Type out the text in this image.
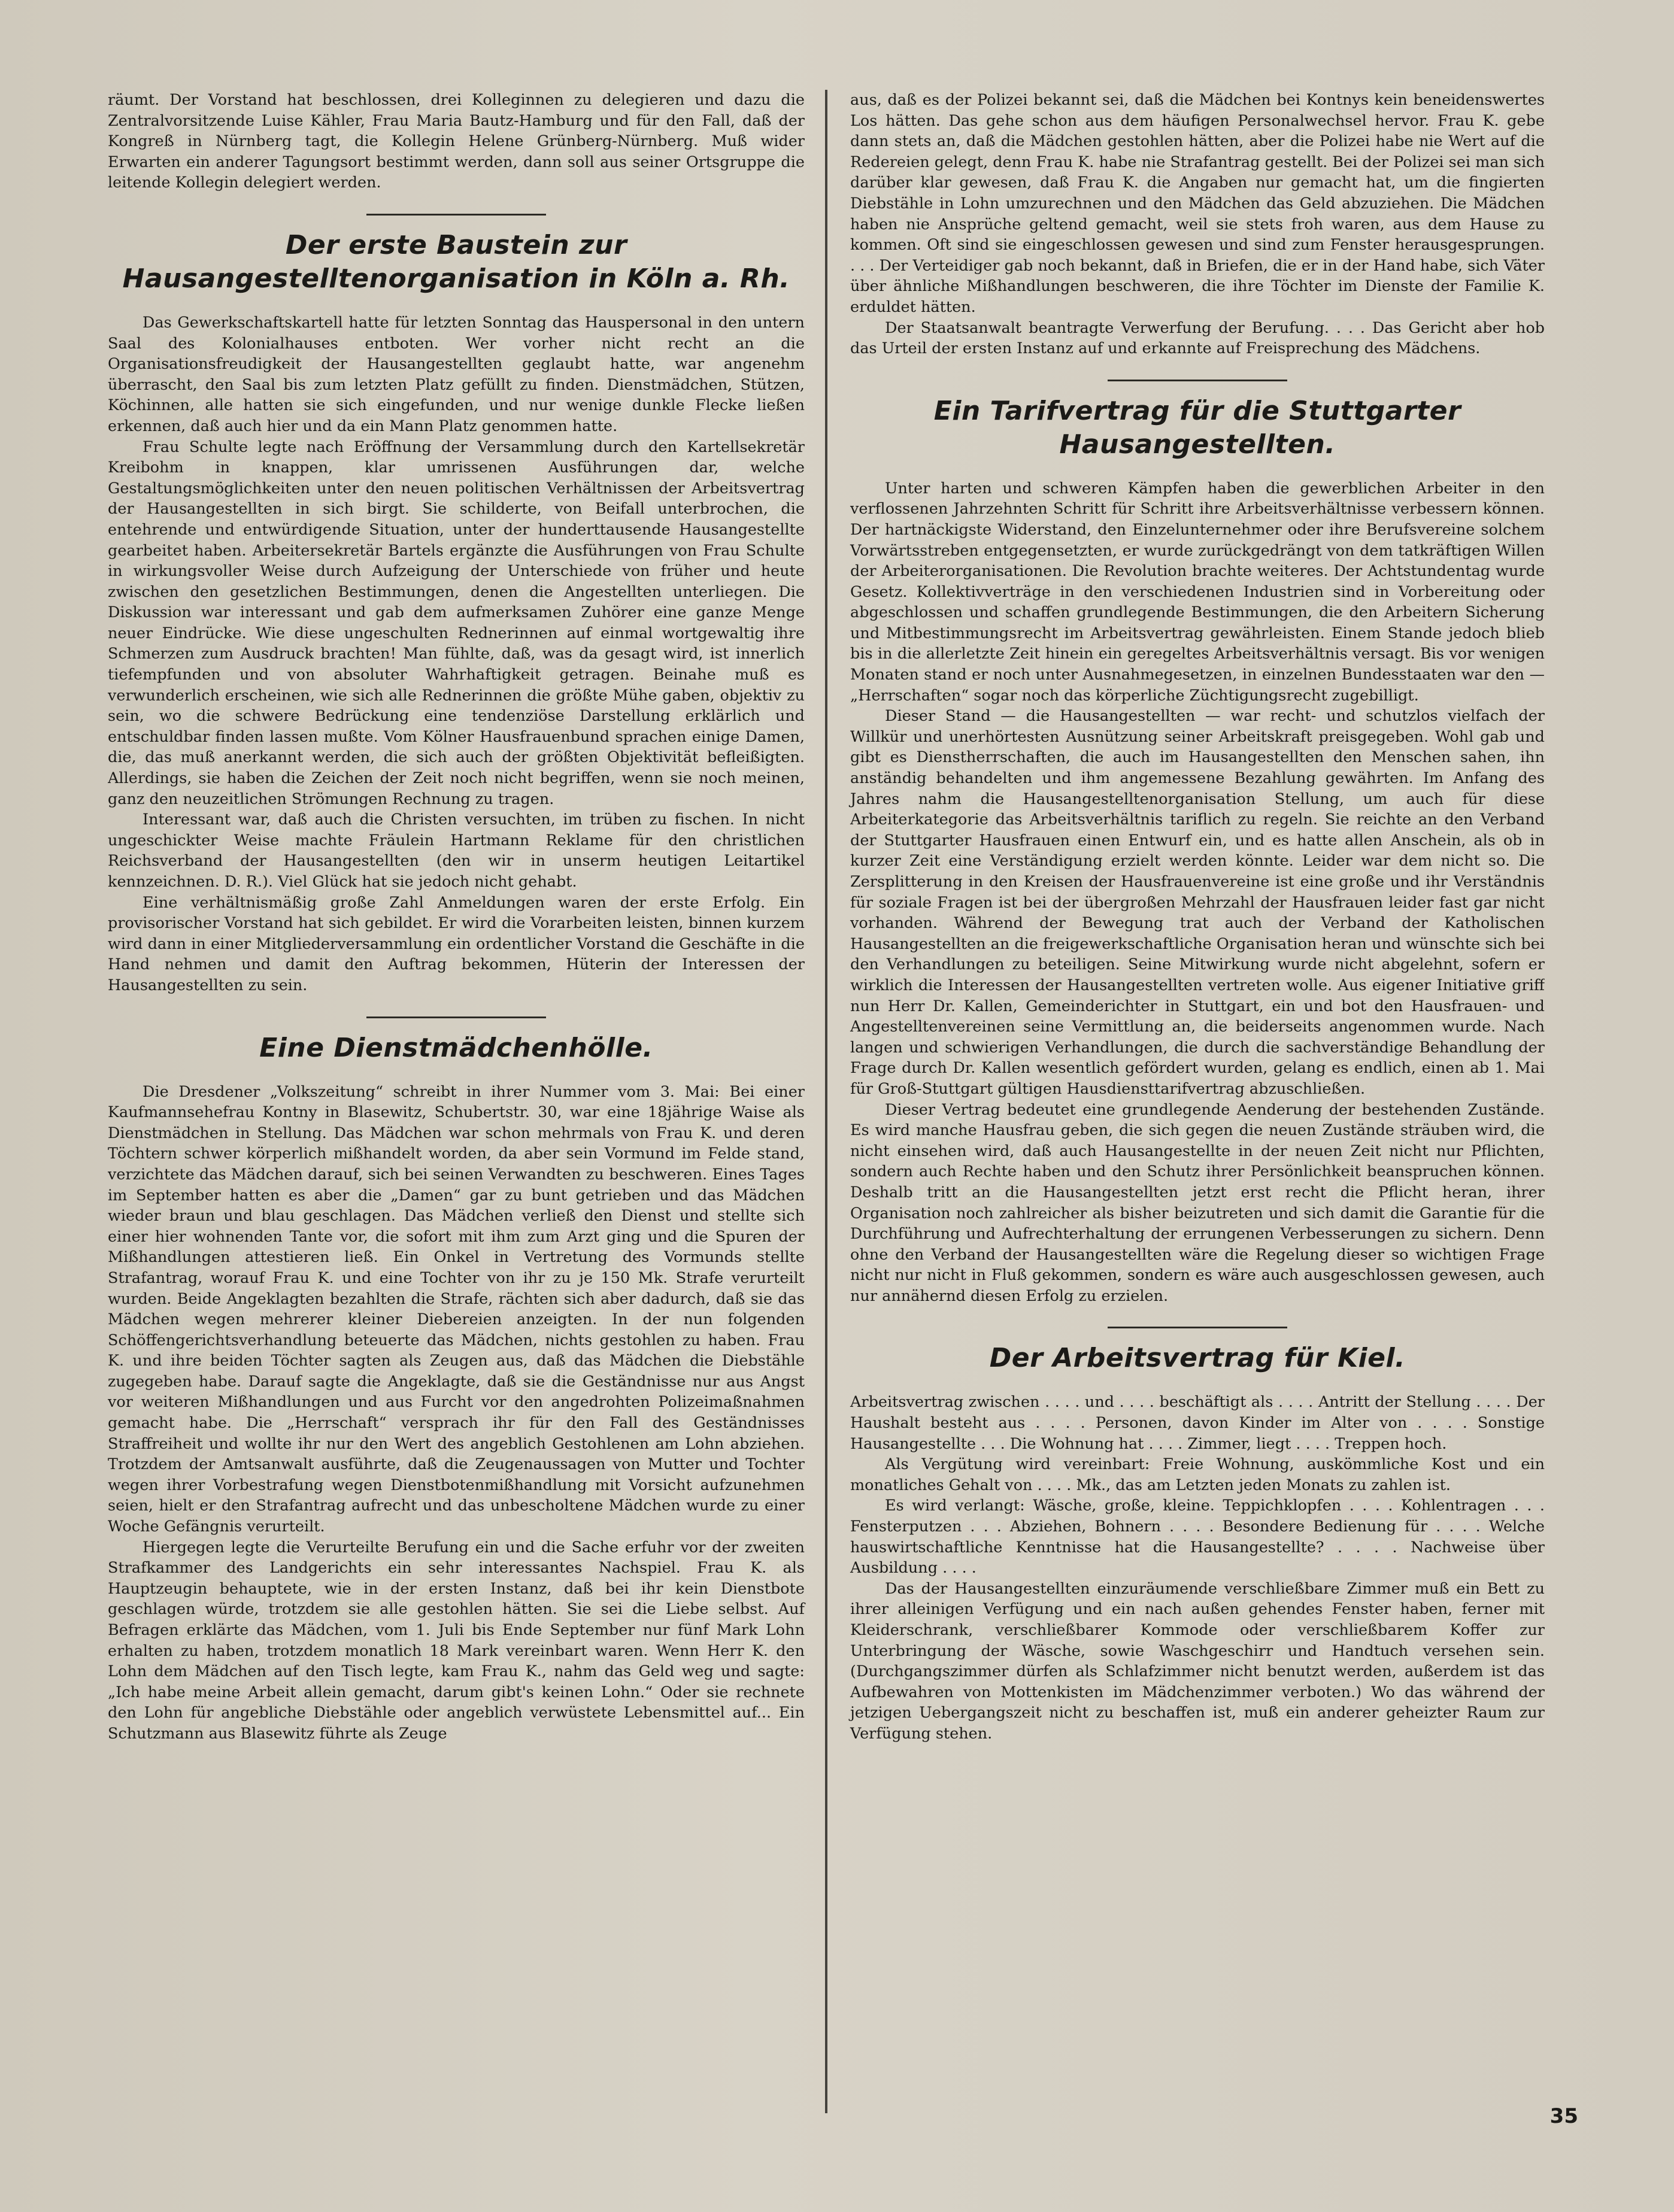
räumt. Der Vorstand hat beschlossen, drei Kolleginnen zu delegieren und dazu die Zentralvorsitzende Luise Kähler, Frau Maria Bautz-Hamburg und für den Fall, daß der Kongreß in Nürnberg tagt, die Kollegin Helene Grünberg-Nürnberg. Muß wider Erwarten ein anderer Tagungsort bestimmt werden, dann soll aus seiner Ortsgruppe die leitende Kollegin delegiert werden.

Der erste Baustein zur Hausangestelltenorganisation in Köln a. Rh.

Das Gewerkschaftskartell hatte für letzten Sonntag das Hauspersonal in den untern Saal des Kolonialhauses entboten. Wer vorher nicht recht an die Organisationsfreudigkeit der Hausangestellten geglaubt hatte, war angenehm überrascht, den Saal bis zum letzten Platz gefüllt zu finden. Dienstmädchen, Stützen, Köchinnen, alle hatten sie sich eingefunden, und nur wenige dunkle Flecke ließen erkennen, daß auch hier und da ein Mann Platz genommen hatte.

Frau Schulte legte nach Eröffnung der Versammlung durch den Kartellsekretär Kreibohm in knappen, klar umrissenen Ausführungen dar, welche Gestaltungsmöglichkeiten unter den neuen politischen Verhältnissen der Arbeitsvertrag der Hausangestellten in sich birgt. Sie schilderte, von Beifall unterbrochen, die entehrende und entwürdigende Situation, unter der hunderttausende Hausangestellte gearbeitet haben. Arbeitersekretär Bartels ergänzte die Ausführungen von Frau Schulte in wirkungsvoller Weise durch Aufzeigung der Unterschiede von früher und heute zwischen den gesetzlichen Bestimmungen, denen die Angestellten unterliegen. Die Diskussion war interessant und gab dem aufmerksamen Zuhörer eine ganze Menge neuer Eindrücke. Wie diese ungeschulten Rednerinnen auf einmal wortgewaltig ihre Schmerzen zum Ausdruck brachten! Man fühlte, daß, was da gesagt wird, ist innerlich tiefempfunden und von absoluter Wahrhaftigkeit getragen. Beinahe muß es verwunderlich erscheinen, wie sich alle Rednerinnen die größte Mühe gaben, objektiv zu sein, wo die schwere Bedrückung eine tendenziöse Darstellung erklärlich und entschuldbar finden lassen mußte. Vom Kölner Hausfrauenbund sprachen einige Damen, die, das muß anerkannt werden, die sich auch der größten Objektivität befleißigten. Allerdings, sie haben die Zeichen der Zeit noch nicht begriffen, wenn sie noch meinen, ganz den neuzeitlichen Strömungen Rechnung zu tragen.

Interessant war, daß auch die Christen versuchten, im trüben zu fischen. In nicht ungeschickter Weise machte Fräulein Hartmann Reklame für den christlichen Reichsverband der Hausangestellten (den wir in unserm heutigen Leitartikel kennzeichnen. D. R.). Viel Glück hat sie jedoch nicht gehabt.

Eine verhältnismäßig große Zahl Anmeldungen waren der erste Erfolg. Ein provisorischer Vorstand hat sich gebildet. Er wird die Vorarbeiten leisten, binnen kurzem wird dann in einer Mitgliederversammlung ein ordentlicher Vorstand die Geschäfte in die Hand nehmen und damit den Auftrag bekommen, Hüterin der Interessen der Hausangestellten zu sein.

Eine Dienstmädchenhölle.

Die Dresdener „Volkszeitung“ schreibt in ihrer Nummer vom 3. Mai: Bei einer Kaufmannsehefrau Kontny in Blasewitz, Schubertstr. 30, war eine 18jährige Waise als Dienstmädchen in Stellung. Das Mädchen war schon mehrmals von Frau K. und deren Töchtern schwer körperlich mißhandelt worden, da aber sein Vormund im Felde stand, verzichtete das Mädchen darauf, sich bei seinen Verwandten zu beschweren. Eines Tages im September hatten es aber die „Damen“ gar zu bunt getrieben und das Mädchen wieder braun und blau geschlagen. Das Mädchen verließ den Dienst und stellte sich einer hier wohnenden Tante vor, die sofort mit ihm zum Arzt ging und die Spuren der Mißhandlungen attestieren ließ. Ein Onkel in Vertretung des Vormunds stellte Strafantrag, worauf Frau K. und eine Tochter von ihr zu je 150 Mk. Strafe verurteilt wurden. Beide Angeklagten bezahlten die Strafe, rächten sich aber dadurch, daß sie das Mädchen wegen mehrerer kleiner Diebereien anzeigten. In der nun folgenden Schöffengerichtsverhandlung beteuerte das Mädchen, nichts gestohlen zu haben. Frau K. und ihre beiden Töchter sagten als Zeugen aus, daß das Mädchen die Diebstähle zugegeben habe. Darauf sagte die Angeklagte, daß sie die Geständnisse nur aus Angst vor weiteren Mißhandlungen und aus Furcht vor den angedrohten Polizeimaßnahmen gemacht habe. Die „Herrschaft“ versprach ihr für den Fall des Geständnisses Straffreiheit und wollte ihr nur den Wert des angeblich Gestohlenen am Lohn abziehen. Trotzdem der Amtsanwalt ausführte, daß die Zeugenaussagen von Mutter und Tochter wegen ihrer Vorbestrafung wegen Dienstbotenmißhandlung mit Vorsicht aufzunehmen seien, hielt er den Strafantrag aufrecht und das unbescholtene Mädchen wurde zu einer Woche Gefängnis verurteilt.

Hiergegen legte die Verurteilte Berufung ein und die Sache erfuhr vor der zweiten Strafkammer des Landgerichts ein sehr interessantes Nachspiel. Frau K. als Hauptzeugin behauptete, wie in der ersten Instanz, daß bei ihr kein Dienstbote geschlagen würde, trotzdem sie alle gestohlen hätten. Sie sei die Liebe selbst. Auf Befragen erklärte das Mädchen, vom 1. Juli bis Ende September nur fünf Mark Lohn erhalten zu haben, trotzdem monatlich 18 Mark vereinbart waren. Wenn Herr K. den Lohn dem Mädchen auf den Tisch legte, kam Frau K., nahm das Geld weg und sagte: „Ich habe meine Arbeit allein gemacht, darum gibt's keinen Lohn.“ Oder sie rechnete den Lohn für angebliche Diebstähle oder angeblich verwüstete Lebensmittel auf... Ein Schutzmann aus Blasewitz führte als Zeuge

aus, daß es der Polizei bekannt sei, daß die Mädchen bei Kontnys kein beneidenswertes Los hätten. Das gehe schon aus dem häufigen Personalwechsel hervor. Frau K. gebe dann stets an, daß die Mädchen gestohlen hätten, aber die Polizei habe nie Wert auf die Redereien gelegt, denn Frau K. habe nie Strafantrag gestellt. Bei der Polizei sei man sich darüber klar gewesen, daß Frau K. die Angaben nur gemacht hat, um die fingierten Diebstähle in Lohn umzurechnen und den Mädchen das Geld abzuziehen. Die Mädchen haben nie Ansprüche geltend gemacht, weil sie stets froh waren, aus dem Hause zu kommen. Oft sind sie eingeschlossen gewesen und sind zum Fenster herausgesprungen. . . . Der Verteidiger gab noch bekannt, daß in Briefen, die er in der Hand habe, sich Väter über ähnliche Mißhandlungen beschweren, die ihre Töchter im Dienste der Familie K. erduldet hätten.

Der Staatsanwalt beantragte Verwerfung der Berufung. . . . Das Gericht aber hob das Urteil der ersten Instanz auf und erkannte auf Freisprechung des Mädchens.

Ein Tarifvertrag für die Stuttgarter Hausangestellten.

Unter harten und schweren Kämpfen haben die gewerblichen Arbeiter in den verflossenen Jahrzehnten Schritt für Schritt ihre Arbeitsverhältnisse verbessern können. Der hartnäckigste Widerstand, den Einzelunternehmer oder ihre Berufsvereine solchem Vorwärtsstreben entgegensetzten, er wurde zurückgedrängt von dem tatkräftigen Willen der Arbeiterorganisationen. Die Revolution brachte weiteres. Der Achtstundentag wurde Gesetz. Kollektivverträge in den verschiedenen Industrien sind in Vorbereitung oder abgeschlossen und schaffen grundlegende Bestimmungen, die den Arbeitern Sicherung und Mitbestimmungsrecht im Arbeitsvertrag gewährleisten. Einem Stande jedoch blieb bis in die allerletzte Zeit hinein ein geregeltes Arbeitsverhältnis versagt. Bis vor wenigen Monaten stand er noch unter Ausnahmegesetzen, in einzelnen Bundesstaaten war den — „Herrschaften“ sogar noch das körperliche Züchtigungsrecht zugebilligt.

Dieser Stand — die Hausangestellten — war recht- und schutzlos vielfach der Willkür und unerhörtesten Ausnützung seiner Arbeitskraft preisgegeben. Wohl gab und gibt es Dienstherrschaften, die auch im Hausangestellten den Menschen sahen, ihn anständig behandelten und ihm angemessene Bezahlung gewährten. Im Anfang des Jahres nahm die Hausangestelltenorganisation Stellung, um auch für diese Arbeiterkategorie das Arbeitsverhältnis tariflich zu regeln. Sie reichte an den Verband der Stuttgarter Hausfrauen einen Entwurf ein, und es hatte allen Anschein, als ob in kurzer Zeit eine Verständigung erzielt werden könnte. Leider war dem nicht so. Die Zersplitterung in den Kreisen der Hausfrauenvereine ist eine große und ihr Verständnis für soziale Fragen ist bei der übergroßen Mehrzahl der Hausfrauen leider fast gar nicht vorhanden. Während der Bewegung trat auch der Verband der Katholischen Hausangestellten an die freigewerkschaftliche Organisation heran und wünschte sich bei den Verhandlungen zu beteiligen. Seine Mitwirkung wurde nicht abgelehnt, sofern er wirklich die Interessen der Hausangestellten vertreten wolle. Aus eigener Initiative griff nun Herr Dr. Kallen, Gemeinderichter in Stuttgart, ein und bot den Hausfrauen- und Angestelltenvereinen seine Vermittlung an, die beiderseits angenommen wurde. Nach langen und schwierigen Verhandlungen, die durch die sachverständige Behandlung der Frage durch Dr. Kallen wesentlich gefördert wurden, gelang es endlich, einen ab 1. Mai für Groß-Stuttgart gültigen Hausdiensttarifvertrag abzuschließen.

Dieser Vertrag bedeutet eine grundlegende Aenderung der bestehenden Zustände. Es wird manche Hausfrau geben, die sich gegen die neuen Zustände sträuben wird, die nicht einsehen wird, daß auch Hausangestellte in der neuen Zeit nicht nur Pflichten, sondern auch Rechte haben und den Schutz ihrer Persönlichkeit beanspruchen können. Deshalb tritt an die Hausangestellten jetzt erst recht die Pflicht heran, ihrer Organisation noch zahlreicher als bisher beizutreten und sich damit die Garantie für die Durchführung und Aufrechterhaltung der errungenen Verbesserungen zu sichern. Denn ohne den Verband der Hausangestellten wäre die Regelung dieser so wichtigen Frage nicht nur nicht in Fluß gekommen, sondern es wäre auch ausgeschlossen gewesen, auch nur annähernd diesen Erfolg zu erzielen.

Der Arbeitsvertrag für Kiel.

Arbeitsvertrag zwischen . . . . und . . . . beschäftigt als . . . . Antritt der Stellung . . . . Der Haushalt besteht aus . . . . Personen, davon Kinder im Alter von . . . . Sonstige Hausangestellte . . . Die Wohnung hat . . . . Zimmer, liegt . . . . Treppen hoch.

Als Vergütung wird vereinbart: Freie Wohnung, auskömmliche Kost und ein monatliches Gehalt von . . . . Mk., das am Letzten jeden Monats zu zahlen ist.

Es wird verlangt: Wäsche, große, kleine. Teppichklopfen . . . . Kohlentragen . . . Fensterputzen . . . Abziehen, Bohnern . . . . Besondere Bedienung für . . . . Welche hauswirtschaftliche Kenntnisse hat die Hausangestellte? . . . . Nachweise über Ausbildung . . . .

Das der Hausangestellten einzuräumende verschließbare Zimmer muß ein Bett zu ihrer alleinigen Verfügung und ein nach außen gehendes Fenster haben, ferner mit Kleiderschrank, verschließbarer Kommode oder verschließbarem Koffer zur Unterbringung der Wäsche, sowie Waschgeschirr und Handtuch versehen sein. (Durchgangszimmer dürfen als Schlafzimmer nicht benutzt werden, außerdem ist das Aufbewahren von Mottenkisten im Mädchenzimmer verboten.) Wo das während der jetzigen Uebergangszeit nicht zu beschaffen ist, muß ein anderer geheizter Raum zur Verfügung stehen.

35
